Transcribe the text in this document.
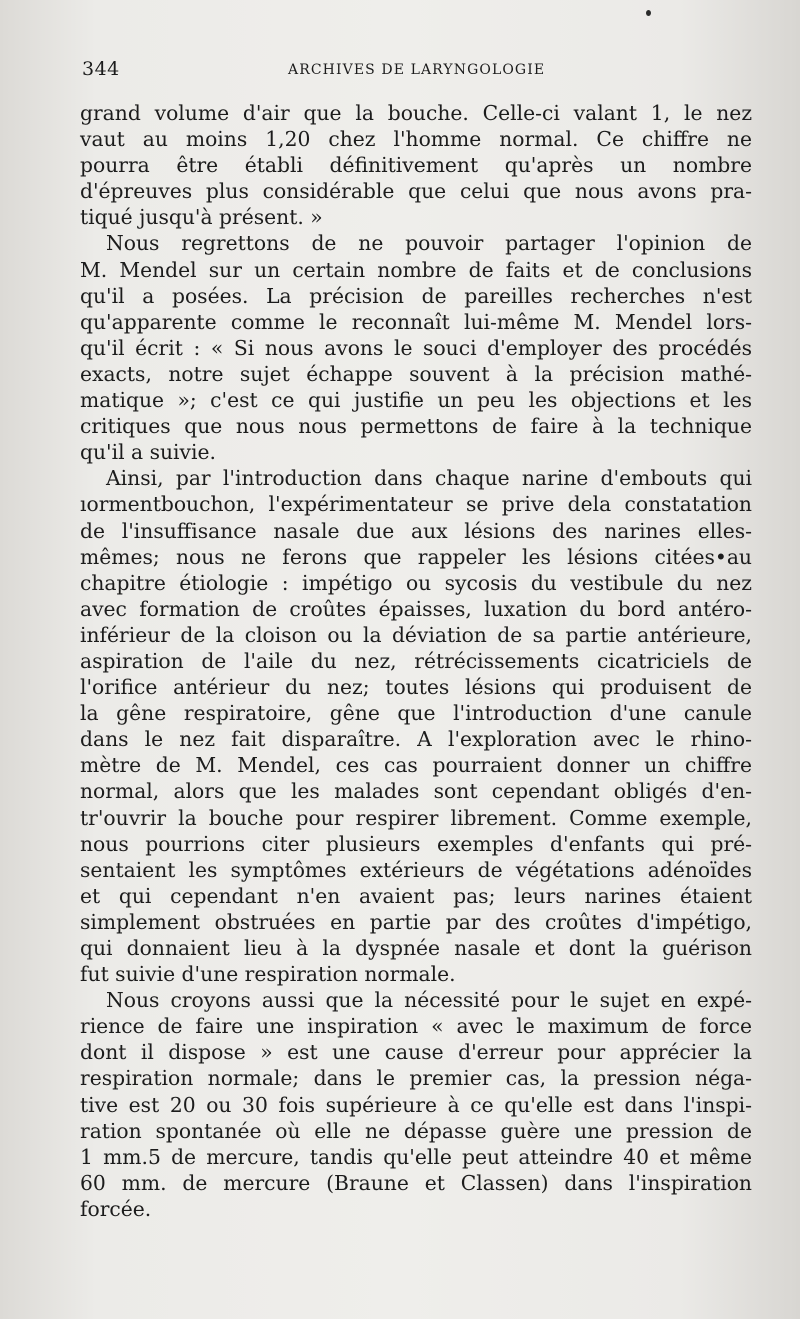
344	ARCHIVES DE LARYNGOLOGIE
grand volume d'air que la bouche. Celle-ci valant 1, le nez
vaut au moins 1,20 chez l'homme normal. Ce chiffre ne
pourra être établi définitivement qu'après un nombre
d'épreuves plus considérable que celui que nous avons pra-
tiqué jusqu'à présent. »
Nous regrettons de ne pouvoir partager l'opinion de
M. Mendel sur un certain nombre de faits et de conclusions
qu'il a posées. La précision de pareilles recherches n'est
qu'apparente comme le reconnaît lui-même M. Mendel lors-
qu'il écrit : « Si nous avons le souci d'employer des procédés
exacts, notre sujet échappe souvent à la précision mathé-
matique »; c'est ce qui justifie un peu les objections et les
critiques que nous nous permettons de faire à la technique
qu'il a suivie.
Ainsi, par l'introduction dans chaque narine d'embouts qui
ıormentbouchon, l'expérimentateur se prive dela constatation
de l'insuffisance nasale due aux lésions des narines elles-
mêmes; nous ne ferons que rappeler les lésions citées•au
chapitre étiologie : impétigo ou sycosis du vestibule du nez
avec formation de croûtes épaisses, luxation du bord antéro-
inférieur de la cloison ou la déviation de sa partie antérieure,
aspiration de l'aile du nez, rétrécissements cicatriciels de
l'orifice antérieur du nez; toutes lésions qui produisent de
la gêne respiratoire, gêne que l'introduction d'une canule
dans le nez fait disparaître. A l'exploration avec le rhino-
mètre de M. Mendel, ces cas pourraient donner un chiffre
normal, alors que les malades sont cependant obligés d'en-
tr'ouvrir la bouche pour respirer librement. Comme exemple,
nous pourrions citer plusieurs exemples d'enfants qui pré-
sentaient les symptômes extérieurs de végétations adénoïdes
et qui cependant n'en avaient pas; leurs narines étaient
simplement obstruées en partie par des croûtes d'impétigo,
qui donnaient lieu à la dyspnée nasale et dont la guérison
fut suivie d'une respiration normale.
Nous croyons aussi que la nécessité pour le sujet en expé-
rience de faire une inspiration « avec le maximum de force
dont il dispose » est une cause d'erreur pour apprécier la
respiration normale; dans le premier cas, la pression néga-
tive est 20 ou 30 fois supérieure à ce qu'elle est dans l'inspi-
ration spontanée où elle ne dépasse guère une pression de
1 mm.5 de mercure, tandis qu'elle peut atteindre 40 et même
60 mm. de mercure (Braune et Classen) dans l'inspiration
forcée.
